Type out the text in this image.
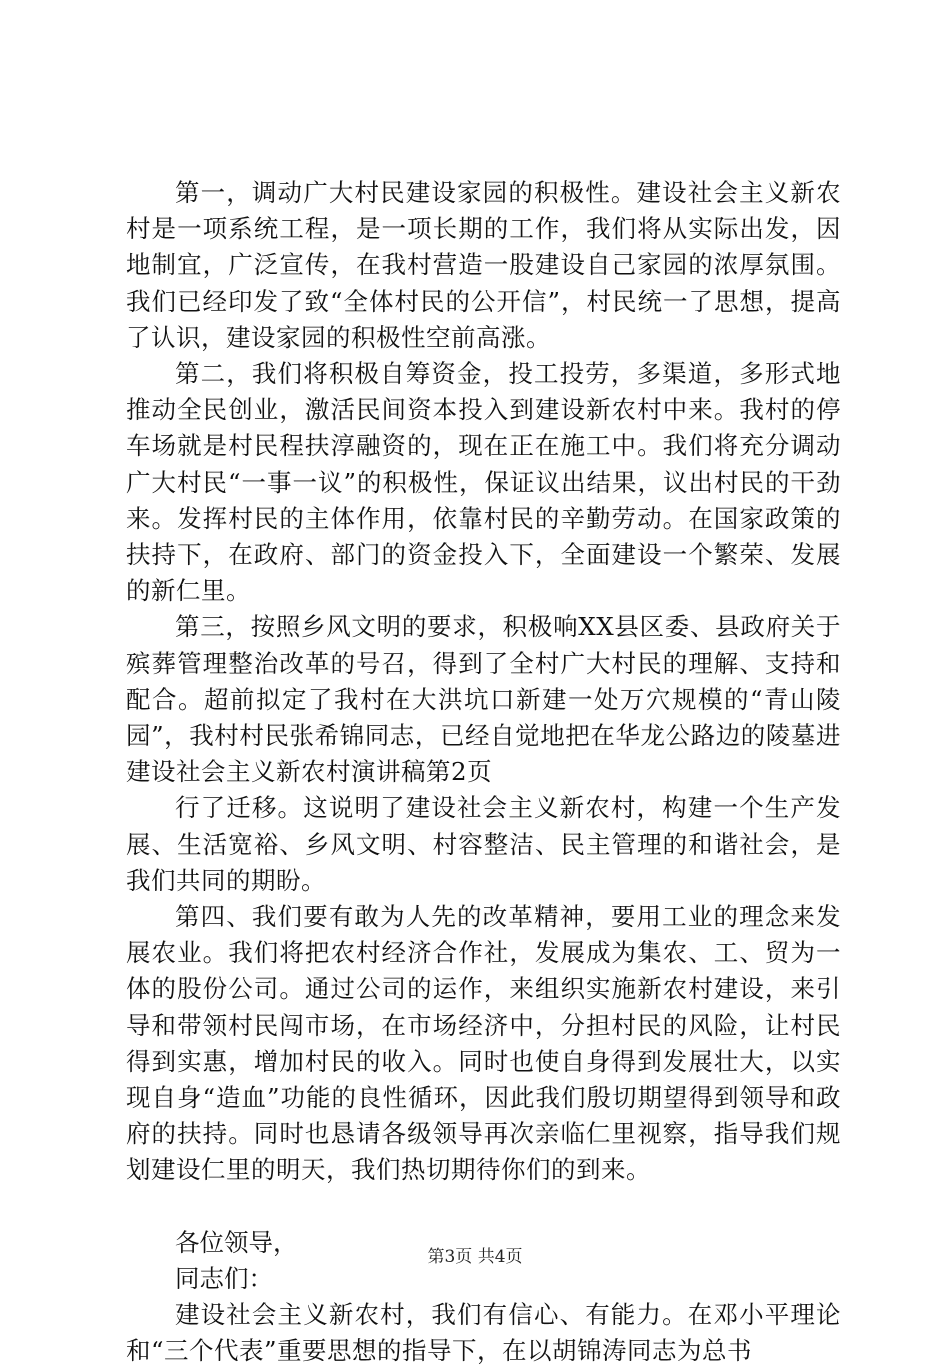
第一，调动广大村民建设家园的积极性。建设社会主义新农村是一项系统工程，是一项长期的工作，我们将从实际出发，因地制宜，广泛宣传，在我村营造一股建设自己家园的浓厚氛围。我们已经印发了致“全体村民的公开信”，村民统一了思想，提高了认识，建设家园的积极性空前高涨。

第二，我们将积极自筹资金，投工投劳，多渠道，多形式地推动全民创业，激活民间资本投入到建设新农村中来。我村的停车场就是村民程扶淳融资的，现在正在施工中。我们将充分调动广大村民“一事一议”的积极性，保证议出结果，议出村民的干劲来。发挥村民的主体作用，依靠村民的辛勤劳动。在国家政策的扶持下，在政府、部门的资金投入下，全面建设一个繁荣、发展的新仁里。

第三，按照乡风文明的要求，积极响XX县区委、县政府关于殡葬管理整治改革的号召，得到了全村广大村民的理解、支持和配合。超前拟定了我村在大洪坑口新建一处万穴规模的“青山陵园”，我村村民张希锦同志，已经自觉地把在华龙公路边的陵墓进建设社会主义新农村演讲稿第2页

行了迁移。这说明了建设社会主义新农村，构建一个生产发展、生活宽裕、乡风文明、村容整洁、民主管理的和谐社会，是我们共同的期盼。

第四、我们要有敢为人先的改革精神，要用工业的理念来发展农业。我们将把农村经济合作社，发展成为集农、工、贸为一体的股份公司。通过公司的运作，来组织实施新农村建设，来引导和带领村民闯市场，在市场经济中，分担村民的风险，让村民得到实惠，增加村民的收入。同时也使自身得到发展壮大，以实现自身“造血”功能的良性循环，因此我们殷切期望得到领导和政府的扶持。同时也恳请各级领导再次亲临仁里视察，指导我们规划建设仁里的明天，我们热切期待你们的到来。

各位领导，

同志们：

建设社会主义新农村，我们有信心、有能力。在邓小平理论和“三个代表”重要思想的指导下，在以胡锦涛同志为总书

第3页 共4页
